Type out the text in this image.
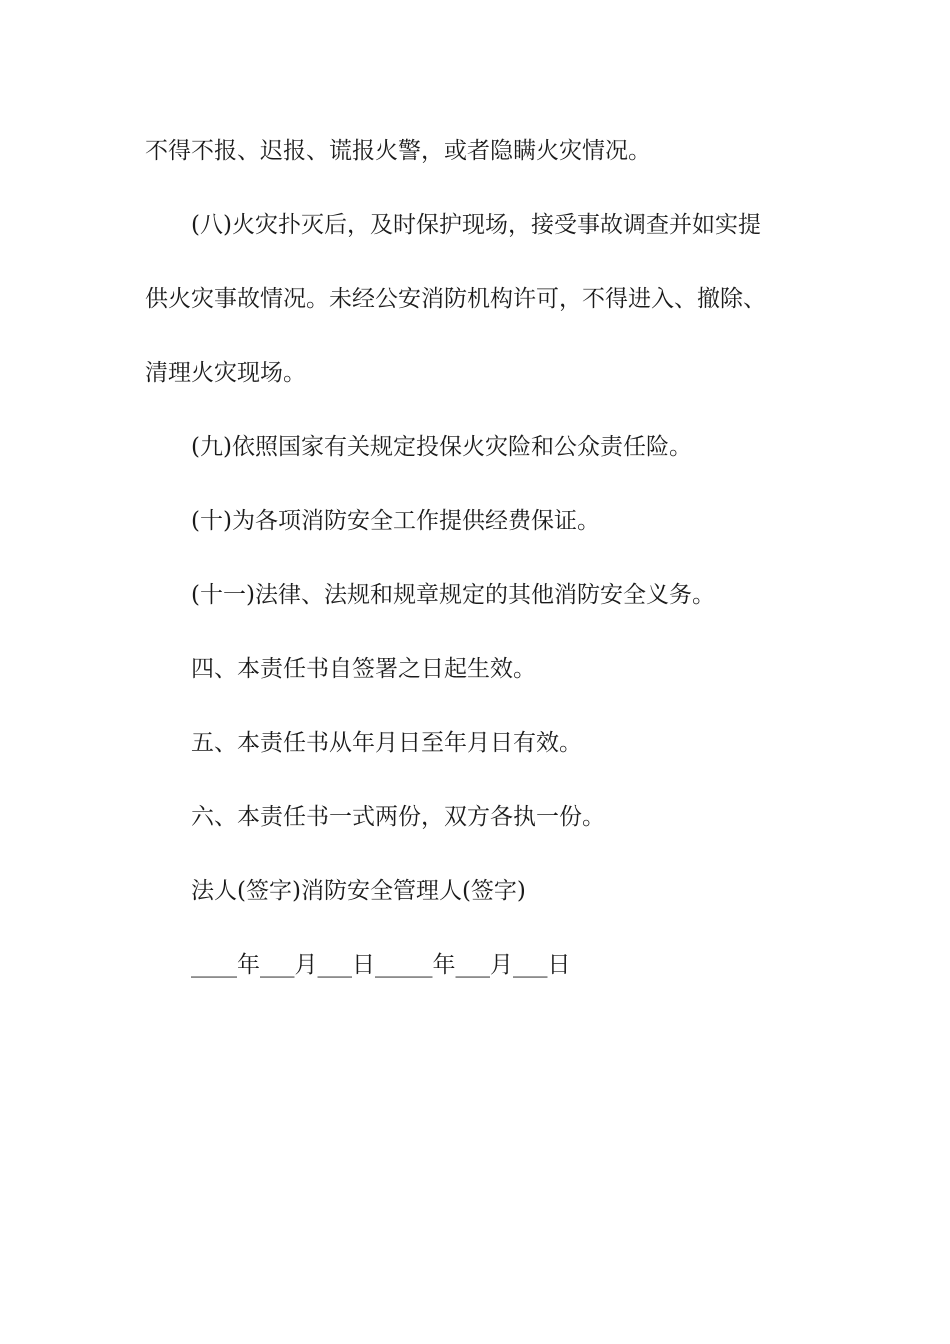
不得不报、迟报、谎报火警，或者隐瞒火灾情况。
(八)火灾扑灭后，及时保护现场，接受事故调查并如实提
供火灾事故情况。未经公安消防机构许可，不得进入、撤除、
清理火灾现场。
(九)依照国家有关规定投保火灾险和公众责任险。
(十)为各项消防安全工作提供经费保证。
(十一)法律、法规和规章规定的其他消防安全义务。
四、本责任书自签署之日起生效。
五、本责任书从年月日至年月日有效。
六、本责任书一式两份，双方各执一份。
法人(签字)消防安全管理人(签字)
____年___月___日_____年___月___日
